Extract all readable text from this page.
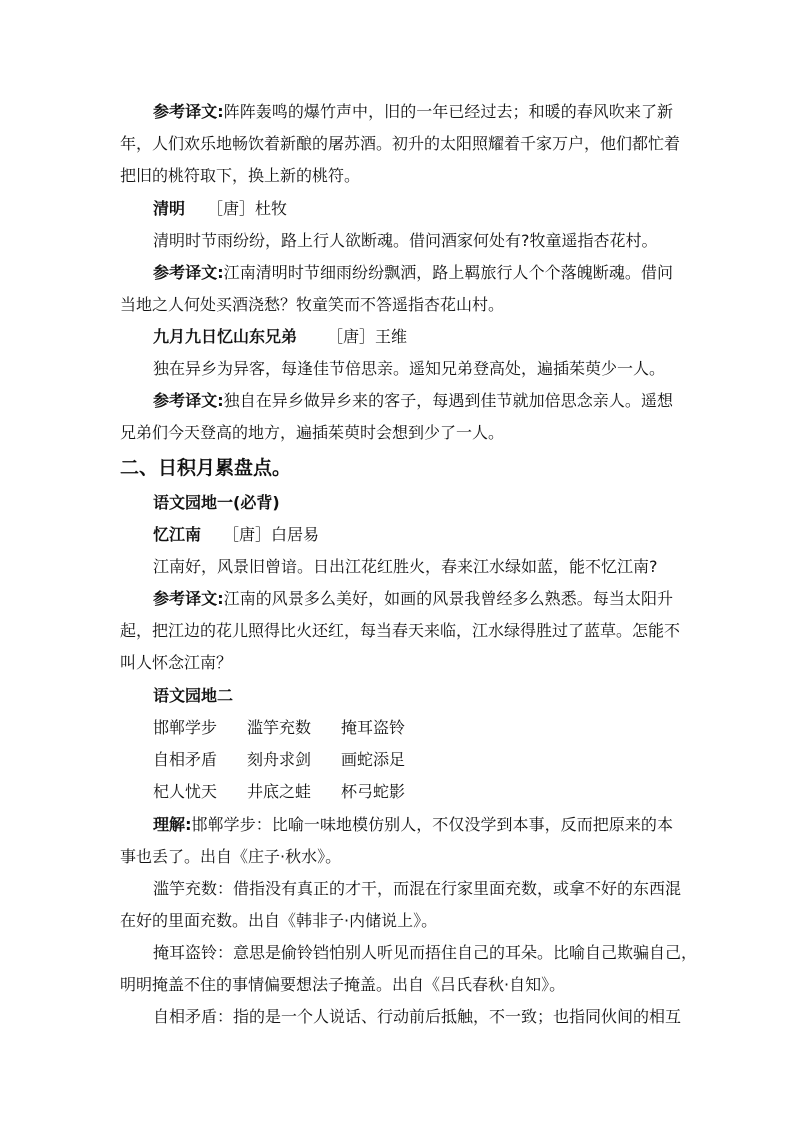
参考译文:阵阵轰鸣的爆竹声中，旧的一年已经过去；和暖的春风吹来了新
年，人们欢乐地畅饮着新酿的屠苏酒。初升的太阳照耀着千家万户，他们都忙着
把旧的桃符取下，换上新的桃符。
清明 ［唐］杜牧
清明时节雨纷纷，路上行人欲断魂。借问酒家何处有?牧童遥指杏花村。
参考译文:江南清明时节细雨纷纷飘洒，路上羁旅行人个个落魄断魂。借问
当地之人何处买酒浇愁？牧童笑而不答遥指杏花山村。
九月九日忆山东兄弟 ［唐］王维
独在异乡为异客，每逢佳节倍思亲。遥知兄弟登高处，遍插茱萸少一人。
参考译文:独自在异乡做异乡来的客子，每遇到佳节就加倍思念亲人。遥想
兄弟们今天登高的地方，遍插茱萸时会想到少了一人。
二、日积月累盘点。
语文园地一(必背)
忆江南 ［唐］白居易
江南好，风景旧曾谙。日出江花红胜火，春来江水绿如蓝，能不忆江南?
参考译文:江南的风景多么美好，如画的风景我曾经多么熟悉。每当太阳升
起，把江边的花儿照得比火还红，每当春天来临，江水绿得胜过了蓝草。怎能不
叫人怀念江南？
语文园地二
邯郸学步 滥竽充数 掩耳盗铃
自相矛盾 刻舟求剑 画蛇添足
杞人忧天 井底之蛙 杯弓蛇影
理解:邯郸学步：比喻一味地模仿别人，不仅没学到本事，反而把原来的本
事也丢了。出自《庄子·秋水》。
滥竽充数：借指没有真正的才干，而混在行家里面充数，或拿不好的东西混
在好的里面充数。出自《韩非子·内储说上》。
掩耳盗铃：意思是偷铃铛怕别人听见而捂住自己的耳朵。比喻自己欺骗自己，
明明掩盖不住的事情偏要想法子掩盖。出自《吕氏春秋·自知》。
自相矛盾：指的是一个人说话、行动前后抵触，不一致；也指同伙间的相互
